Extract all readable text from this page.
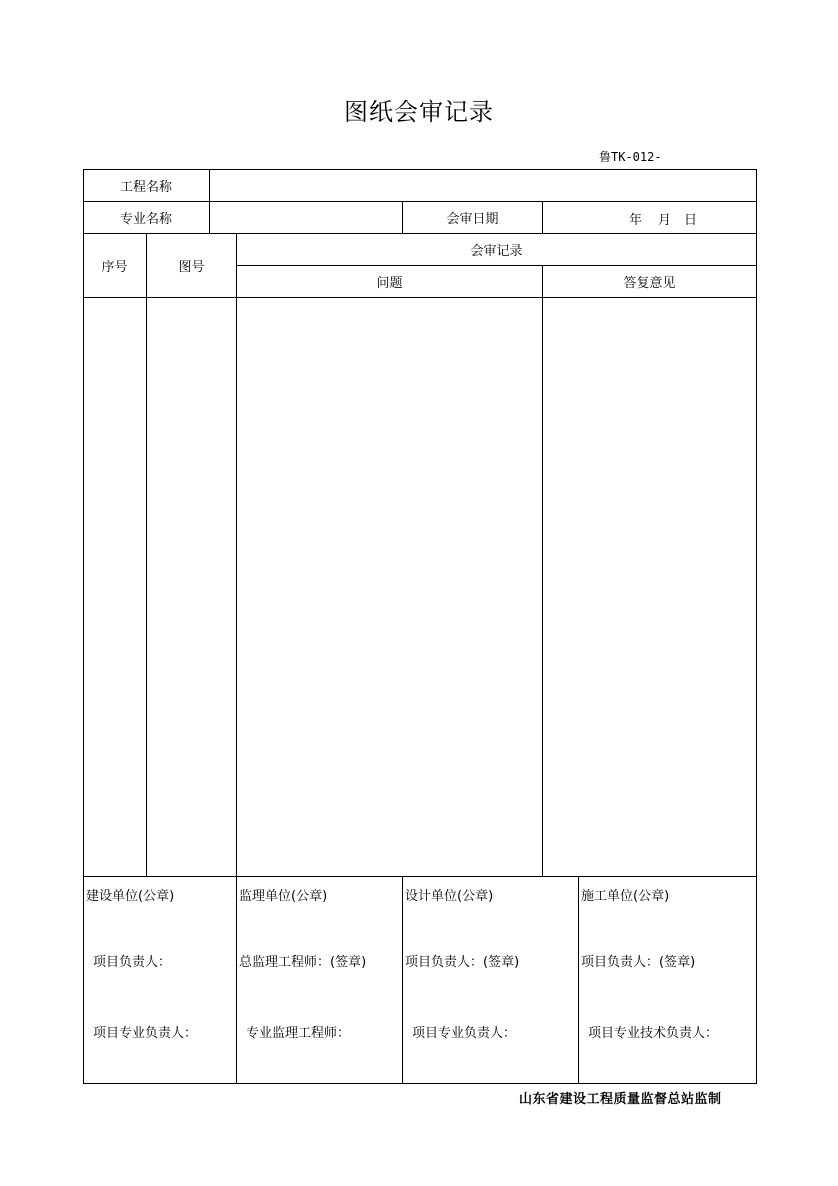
图纸会审记录
鲁TK-012-
工程名称
专业名称	会审日期	年 月 日
序号	图号
会审记录
问题	答复意见
建设单位(公章)
项目负责人：
项目专业负责人：
监理单位(公章)
总监理工程师：(签章)
专业监理工程师：
设计单位(公章)
项目负责人：(签章)
项目专业负责人：
施工单位(公章)
项目负责人：(签章)
项目专业技术负责人：
山东省建设工程质量监督总站监制
